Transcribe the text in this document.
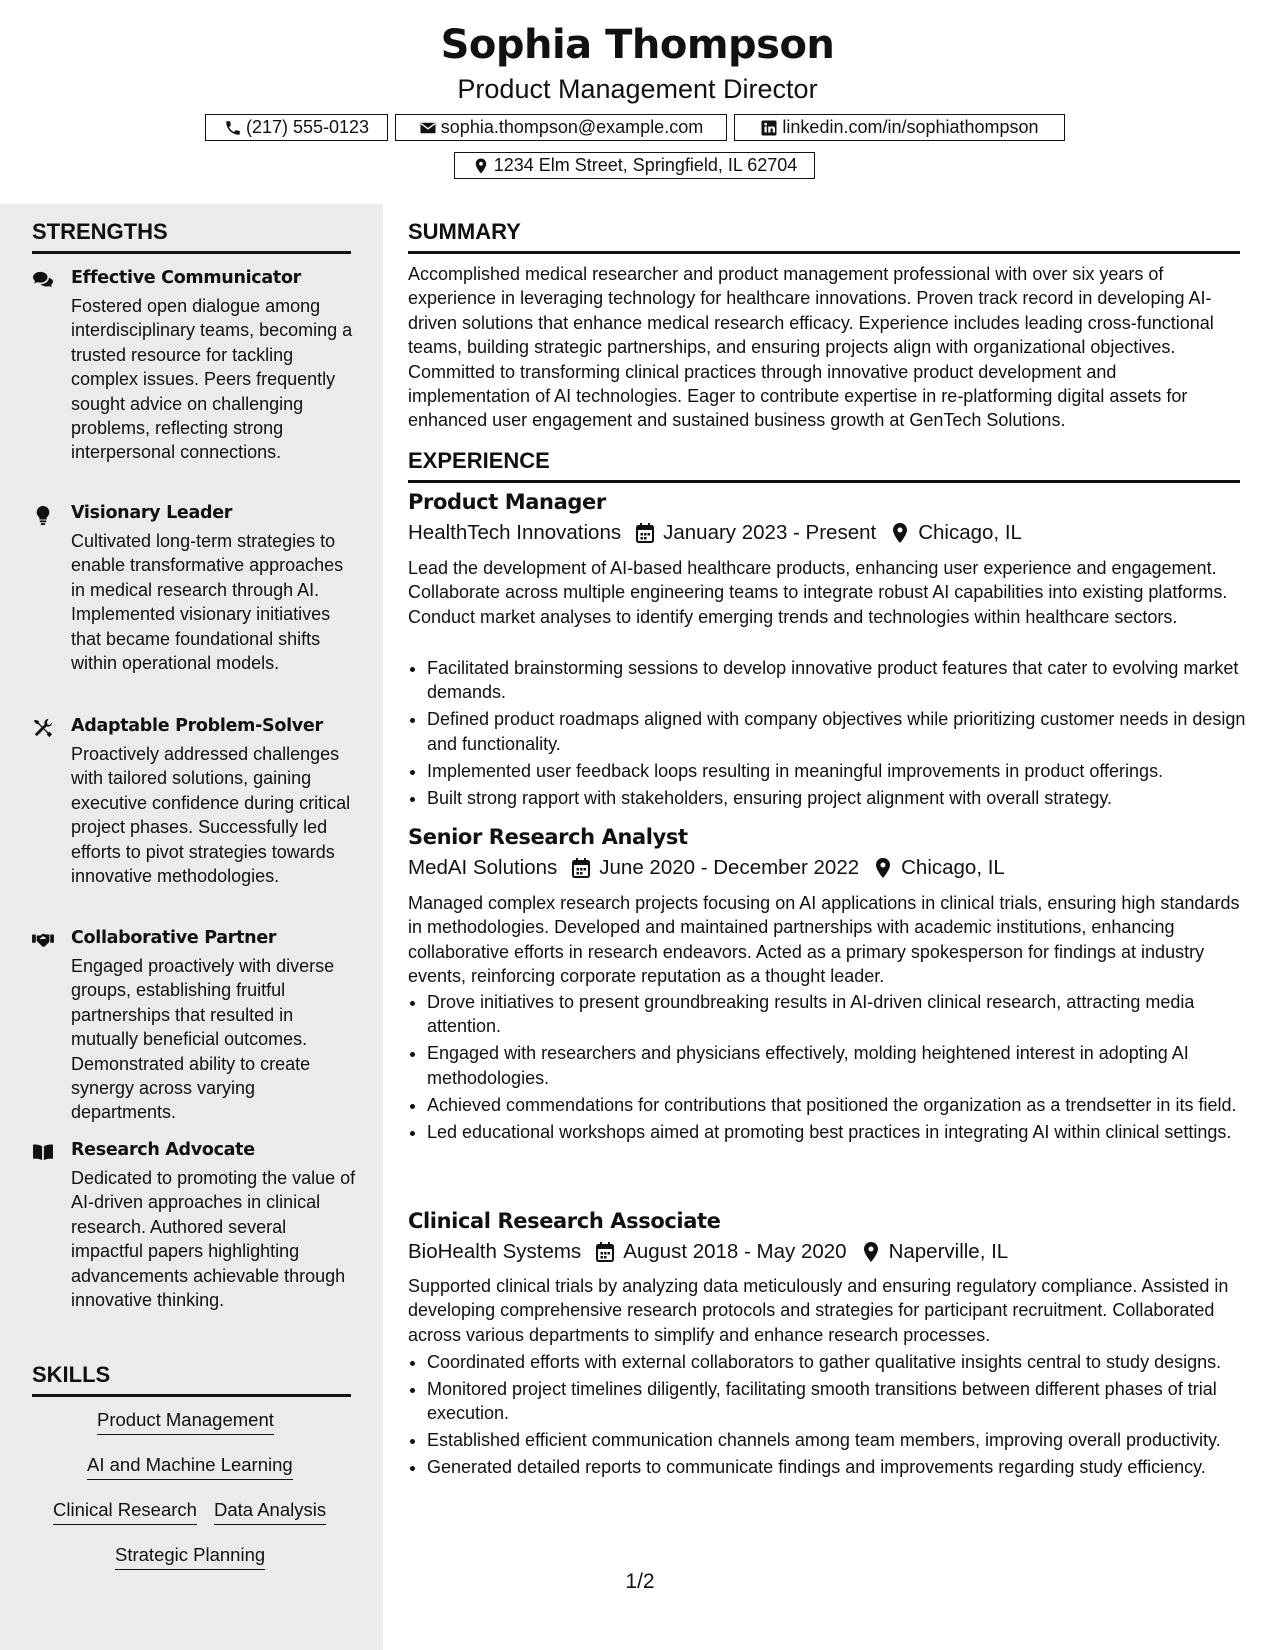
Sophia Thompson
Product Management Director
(217) 555-0123	sophia.thompson@example.com	linkedin.com/in/sophiathompson
1234 Elm Street, Springfield, IL 62704
STRENGTHS
Effective Communicator
Fostered open dialogue among interdisciplinary teams, becoming a trusted resource for tackling complex issues. Peers frequently sought advice on challenging problems, reflecting strong interpersonal connections.
Visionary Leader
Cultivated long-term strategies to enable transformative approaches in medical research through AI. Implemented visionary initiatives that became foundational shifts within operational models.
Adaptable Problem-Solver
Proactively addressed challenges with tailored solutions, gaining executive confidence during critical project phases. Successfully led efforts to pivot strategies towards innovative methodologies.
Collaborative Partner
Engaged proactively with diverse groups, establishing fruitful partnerships that resulted in mutually beneficial outcomes. Demonstrated ability to create synergy across varying departments.
Research Advocate
Dedicated to promoting the value of AI-driven approaches in clinical research. Authored several impactful papers highlighting advancements achievable through innovative thinking.
SKILLS
Product Management
AI and Machine Learning
Clinical Research Data Analysis
Strategic Planning
SUMMARY
Accomplished medical researcher and product management professional with over six years of experience in leveraging technology for healthcare innovations. Proven track record in developing AI-driven solutions that enhance medical research efficacy. Experience includes leading cross-functional teams, building strategic partnerships, and ensuring projects align with organizational objectives. Committed to transforming clinical practices through innovative product development and implementation of AI technologies. Eager to contribute expertise in re-platforming digital assets for enhanced user engagement and sustained business growth at GenTech Solutions.
EXPERIENCE
Product Manager
HealthTech Innovations January 2023 - Present Chicago, IL
Lead the development of AI-based healthcare products, enhancing user experience and engagement. Collaborate across multiple engineering teams to integrate robust AI capabilities into existing platforms. Conduct market analyses to identify emerging trends and technologies within healthcare sectors.
• Facilitated brainstorming sessions to develop innovative product features that cater to evolving market demands.
• Defined product roadmaps aligned with company objectives while prioritizing customer needs in design and functionality.
• Implemented user feedback loops resulting in meaningful improvements in product offerings.
• Built strong rapport with stakeholders, ensuring project alignment with overall strategy.
Senior Research Analyst
MedAI Solutions June 2020 - December 2022 Chicago, IL
Managed complex research projects focusing on AI applications in clinical trials, ensuring high standards in methodologies. Developed and maintained partnerships with academic institutions, enhancing collaborative efforts in research endeavors. Acted as a primary spokesperson for findings at industry events, reinforcing corporate reputation as a thought leader.
• Drove initiatives to present groundbreaking results in AI-driven clinical research, attracting media attention.
• Engaged with researchers and physicians effectively, molding heightened interest in adopting AI methodologies.
• Achieved commendations for contributions that positioned the organization as a trendsetter in its field.
• Led educational workshops aimed at promoting best practices in integrating AI within clinical settings.
Clinical Research Associate
BioHealth Systems August 2018 - May 2020 Naperville, IL
Supported clinical trials by analyzing data meticulously and ensuring regulatory compliance. Assisted in developing comprehensive research protocols and strategies for participant recruitment. Collaborated across various departments to simplify and enhance research processes.
• Coordinated efforts with external collaborators to gather qualitative insights central to study designs.
• Monitored project timelines diligently, facilitating smooth transitions between different phases of trial execution.
• Established efficient communication channels among team members, improving overall productivity.
• Generated detailed reports to communicate findings and improvements regarding study efficiency.
1/2
